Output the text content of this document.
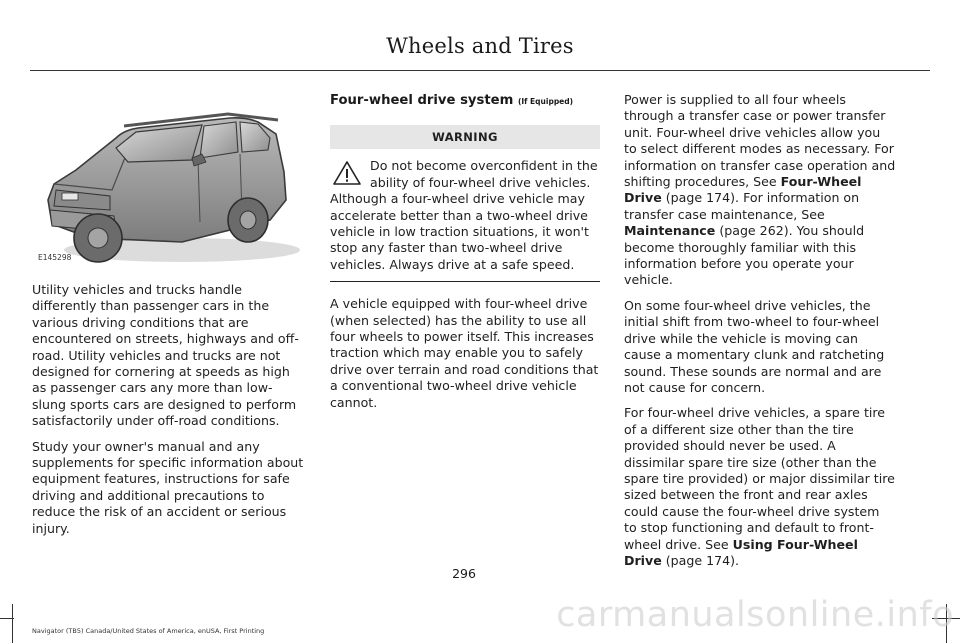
Wheels and Tires
E145298

Utility vehicles and trucks handle differently than passenger cars in the various driving conditions that are encountered on streets, highways and off-road. Utility vehicles and trucks are not designed for cornering at speeds as high as passenger cars any more than low-slung sports cars are designed to perform satisfactorily under off-road conditions.

Study your owner's manual and any supplements for specific information about equipment features, instructions for safe driving and additional precautions to reduce the risk of an accident or serious injury.

Four-wheel drive system (If Equipped)
WARNING
Do not become overconfident in the ability of four-wheel drive vehicles. Although a four-wheel drive vehicle may accelerate better than a two-wheel drive vehicle in low traction situations, it won't stop any faster than two-wheel drive vehicles. Always drive at a safe speed.

A vehicle equipped with four-wheel drive (when selected) has the ability to use all four wheels to power itself. This increases traction which may enable you to safely drive over terrain and road conditions that a conventional two-wheel drive vehicle cannot.

Power is supplied to all four wheels through a transfer case or power transfer unit. Four-wheel drive vehicles allow you to select different modes as necessary. For information on transfer case operation and shifting procedures, See Four-Wheel Drive (page 174). For information on transfer case maintenance, See Maintenance (page 262). You should become thoroughly familiar with this information before you operate your vehicle.

On some four-wheel drive vehicles, the initial shift from two-wheel to four-wheel drive while the vehicle is moving can cause a momentary clunk and ratcheting sound. These sounds are normal and are not cause for concern.

For four-wheel drive vehicles, a spare tire of a different size other than the tire provided should never be used. A dissimilar spare tire size (other than the spare tire provided) or major dissimilar tire sized between the front and rear axles could cause the four-wheel drive system to stop functioning and default to front-wheel drive. See Using Four-Wheel Drive (page 174).

296
Navigator (TB5) Canada/United States of America, enUSA, First Printing	carmanualsonline.info
